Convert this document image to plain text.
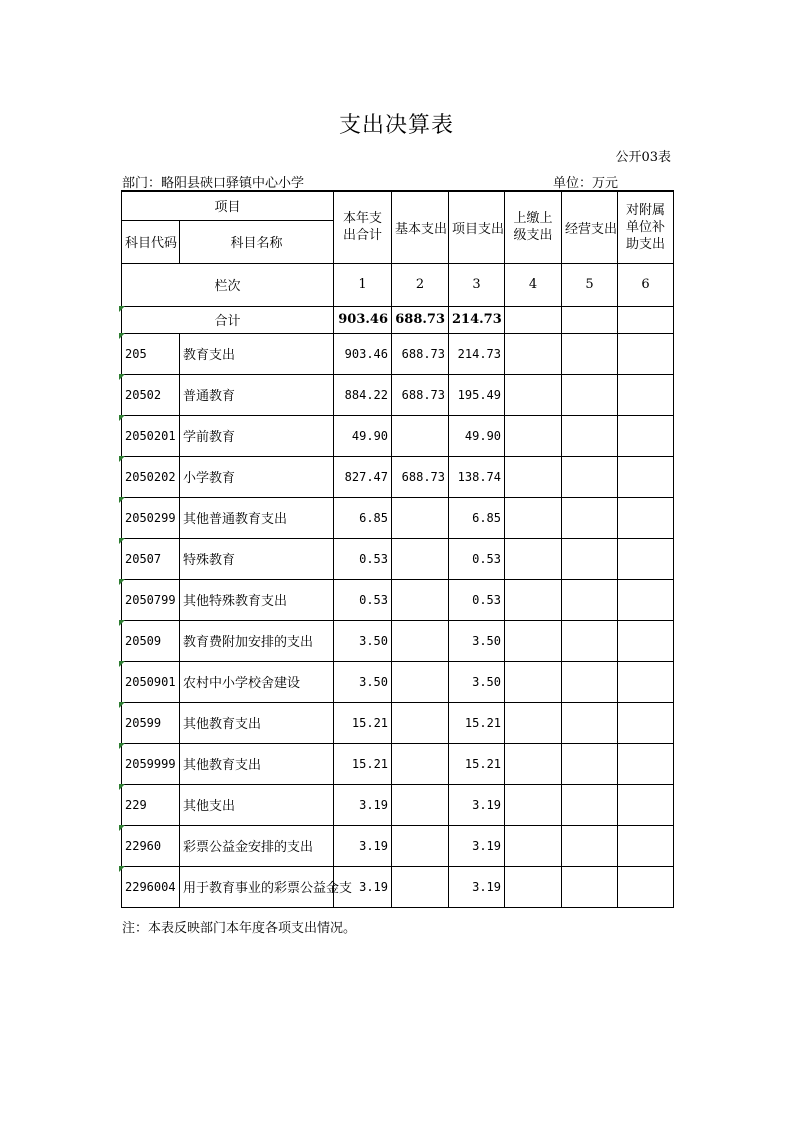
支出决算表
公开03表
部门：略阳县硖口驿镇中心小学	单位：万元
项目		本年支出合计	基本支出	项目支出	上缴上级支出	经营支出	对附属单位补助支出
科目代码	科目名称						
栏次		1	2	3	4	5	6
合计		903.46	688.73	214.73			
205	教育支出	903.46	688.73	214.73			
20502	普通教育	884.22	688.73	195.49			
2050201	学前教育	49.90		49.90			
2050202	小学教育	827.47	688.73	138.74			
2050299	其他普通教育支出	6.85		6.85			
20507	特殊教育	0.53		0.53			
2050799	其他特殊教育支出	0.53		0.53			
20509	教育费附加安排的支出	3.50		3.50			
2050901	农村中小学校舍建设	3.50		3.50			
20599	其他教育支出	15.21		15.21			
2059999	其他教育支出	15.21		15.21			
229	其他支出	3.19		3.19			
22960	彩票公益金安排的支出	3.19		3.19			
2296004	用于教育事业的彩票公益金支	3.19		3.19			
注：本表反映部门本年度各项支出情况。
